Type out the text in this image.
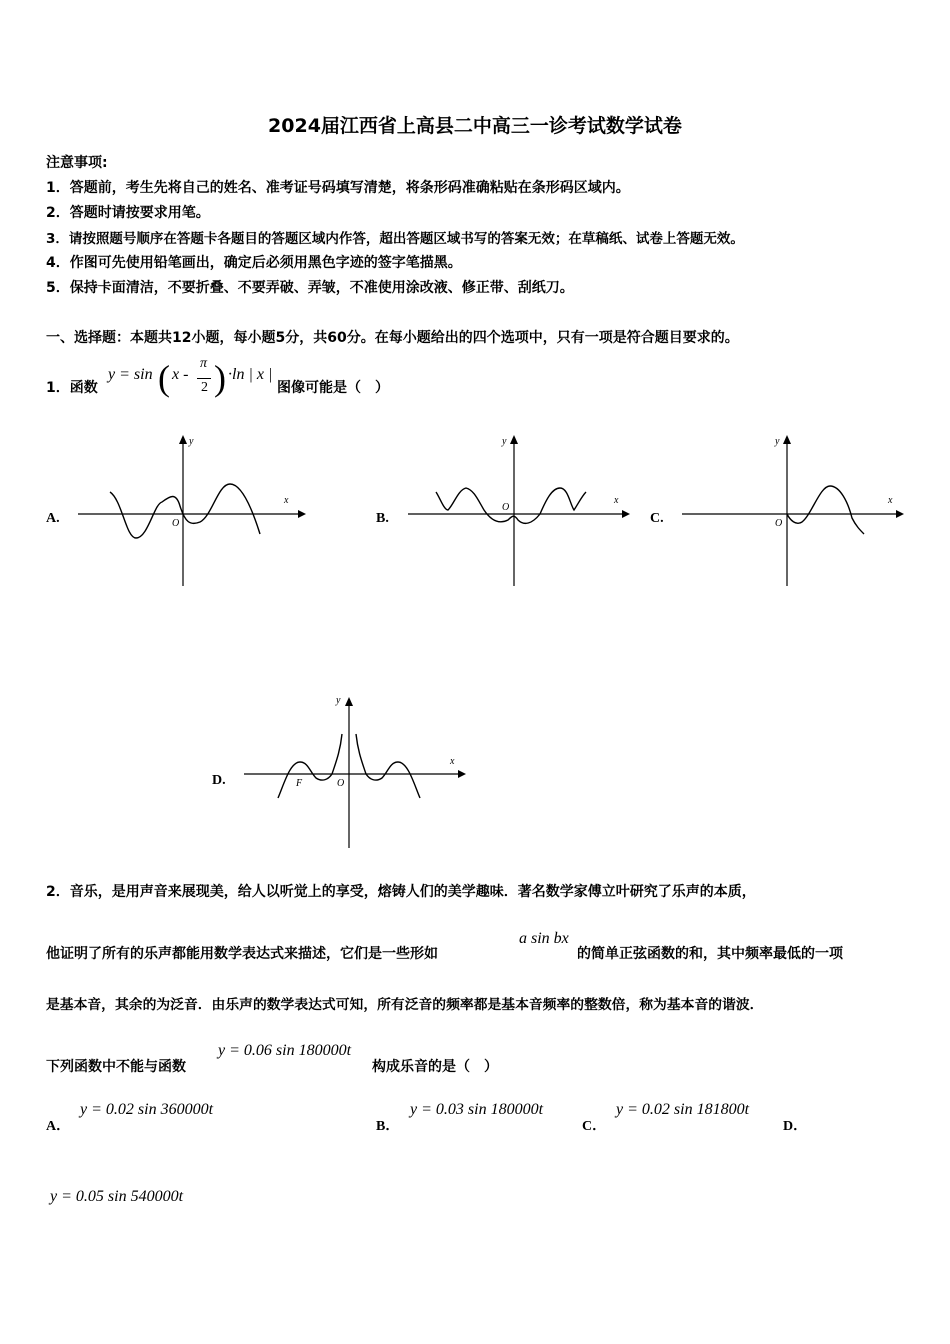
2024届江西省上高县二中高三一诊考试数学试卷
注意事项:
1．答题前，考生先将自己的姓名、准考证号码填写清楚，将条形码准确粘贴在条形码区域内。
2．答题时请按要求用笔。
3．请按照题号顺序在答题卡各题目的答题区域内作答，超出答题区域书写的答案无效；在草稿纸、试卷上答题无效。
4．作图可先使用铅笔画出，确定后必须用黑色字迹的签字笔描黑。
5．保持卡面清洁，不要折叠、不要弄破、弄皱，不准使用涂改液、修正带、刮纸刀。
一、选择题：本题共12小题，每小题5分，共60分。在每小题给出的四个选项中，只有一项是符合题目要求的。
1．函数
y = sin ( x -
π
2 ) ·ln | x |
图像可能是（　）
A.
y
x
O	B.
y
x
O
C.
y
x
O
D.
y
x
O
F
2．音乐，是用声音来展现美，给人以听觉上的享受，熔铸人们的美学趣味．著名数学家傅立叶研究了乐声的本质，
他证明了所有的乐声都能用数学表达式来描述，它们是一些形如
a sin bx
的简单正弦函数的和，其中频率最低的一项
是基本音，其余的为泛音．由乐声的数学表达式可知，所有泛音的频率都是基本音频率的整数倍，称为基本音的谐波．
下列函数中不能与函数
y = 0.06 sin 180000t
构成乐音的是（　）
A．
y = 0.02 sin 360000t
B．
y = 0.03 sin 180000t
C．
y = 0.02 sin 181800t
D．
y = 0.05 sin 540000t
